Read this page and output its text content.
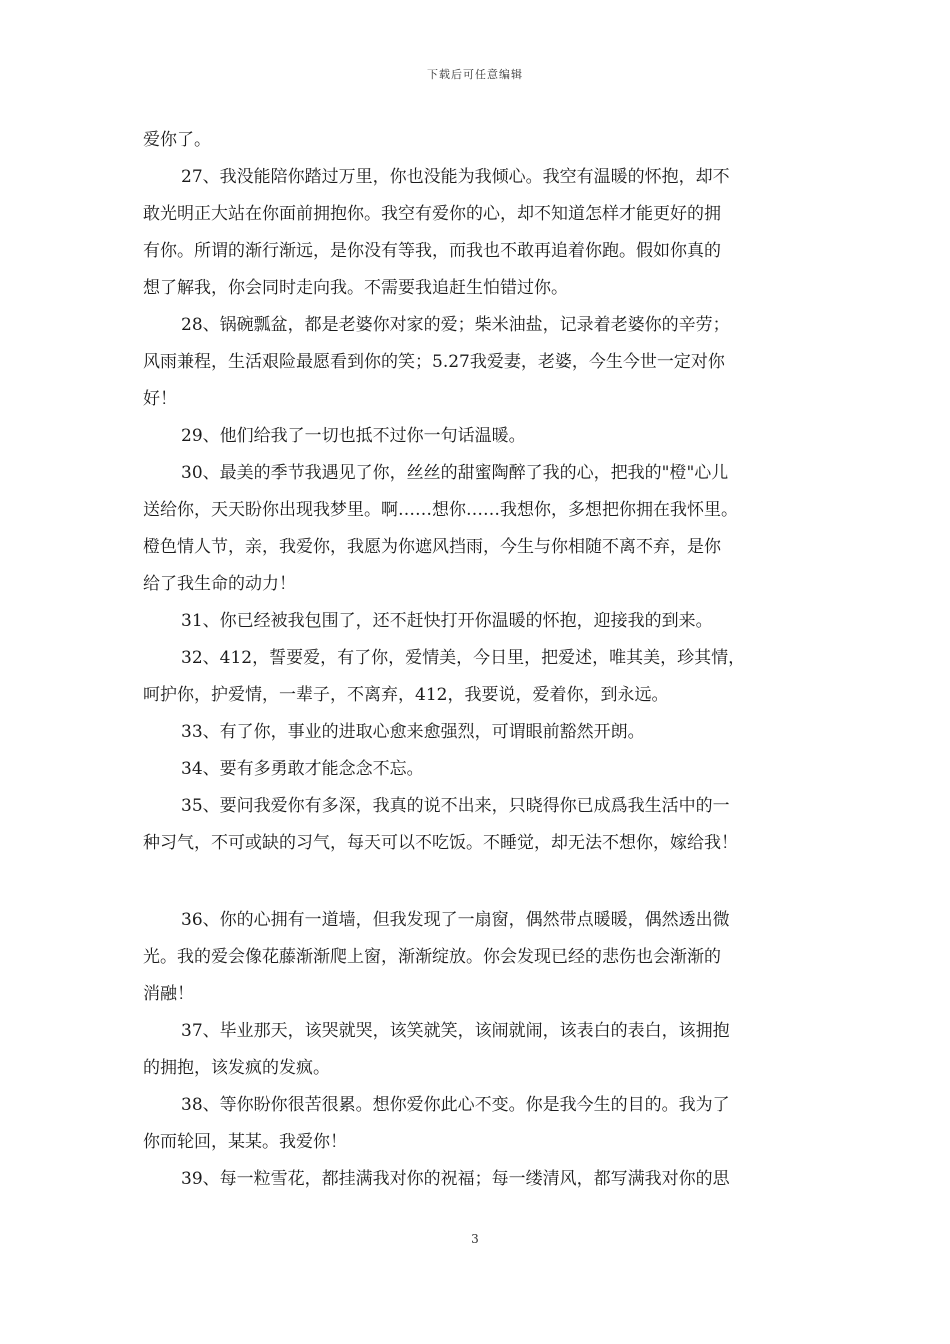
下载后可任意编辑
爱你了。
27、我没能陪你踏过万里，你也没能为我倾心。我空有温暖的怀抱，却不
敢光明正大站在你面前拥抱你。我空有爱你的心，却不知道怎样才能更好的拥
有你。所谓的渐行渐远，是你没有等我，而我也不敢再追着你跑。假如你真的
想了解我，你会同时走向我。不需要我追赶生怕错过你。
28、锅碗瓢盆，都是老婆你对家的爱；柴米油盐，记录着老婆你的辛劳；
风雨兼程，生活艰险最愿看到你的笑；5.27我爱妻，老婆，今生今世一定对你
好！
29、他们给我了一切也抵不过你一句话温暖。
30、最美的季节我遇见了你，丝丝的甜蜜陶醉了我的心，把我的"橙"心儿
送给你，天天盼你出现我梦里。啊……想你……我想你，多想把你拥在我怀里。
橙色情人节，亲，我爱你，我愿为你遮风挡雨，今生与你相随不离不弃，是你
给了我生命的动力！
31、你已经被我包围了，还不赶快打开你温暖的怀抱，迎接我的到来。
32、412，誓要爱，有了你，爱情美，今日里，把爱述，唯其美，珍其情，
呵护你，护爱情，一辈子，不离弃，412，我要说，爱着你，到永远。
33、有了你，事业的进取心愈来愈强烈，可谓眼前豁然开朗。
34、要有多勇敢才能念念不忘。
35、要问我爱你有多深，我真的说不出来，只晓得你已成爲我生活中的一
种习气，不可或缺的习气，每天可以不吃饭。不睡觉，却无法不想你，嫁给我！
36、你的心拥有一道墙，但我发现了一扇窗，偶然带点暖暖，偶然透出微
光。我的爱会像花藤渐渐爬上窗，渐渐绽放。你会发现已经的悲伤也会渐渐的
消融！
37、毕业那天，该哭就哭，该笑就笑，该闹就闹，该表白的表白，该拥抱
的拥抱，该发疯的发疯。
38、等你盼你很苦很累。想你爱你此心不变。你是我今生的目的。我为了
你而轮回，某某。我爱你！
39、每一粒雪花，都挂满我对你的祝福；每一缕清风，都写满我对你的思
3
